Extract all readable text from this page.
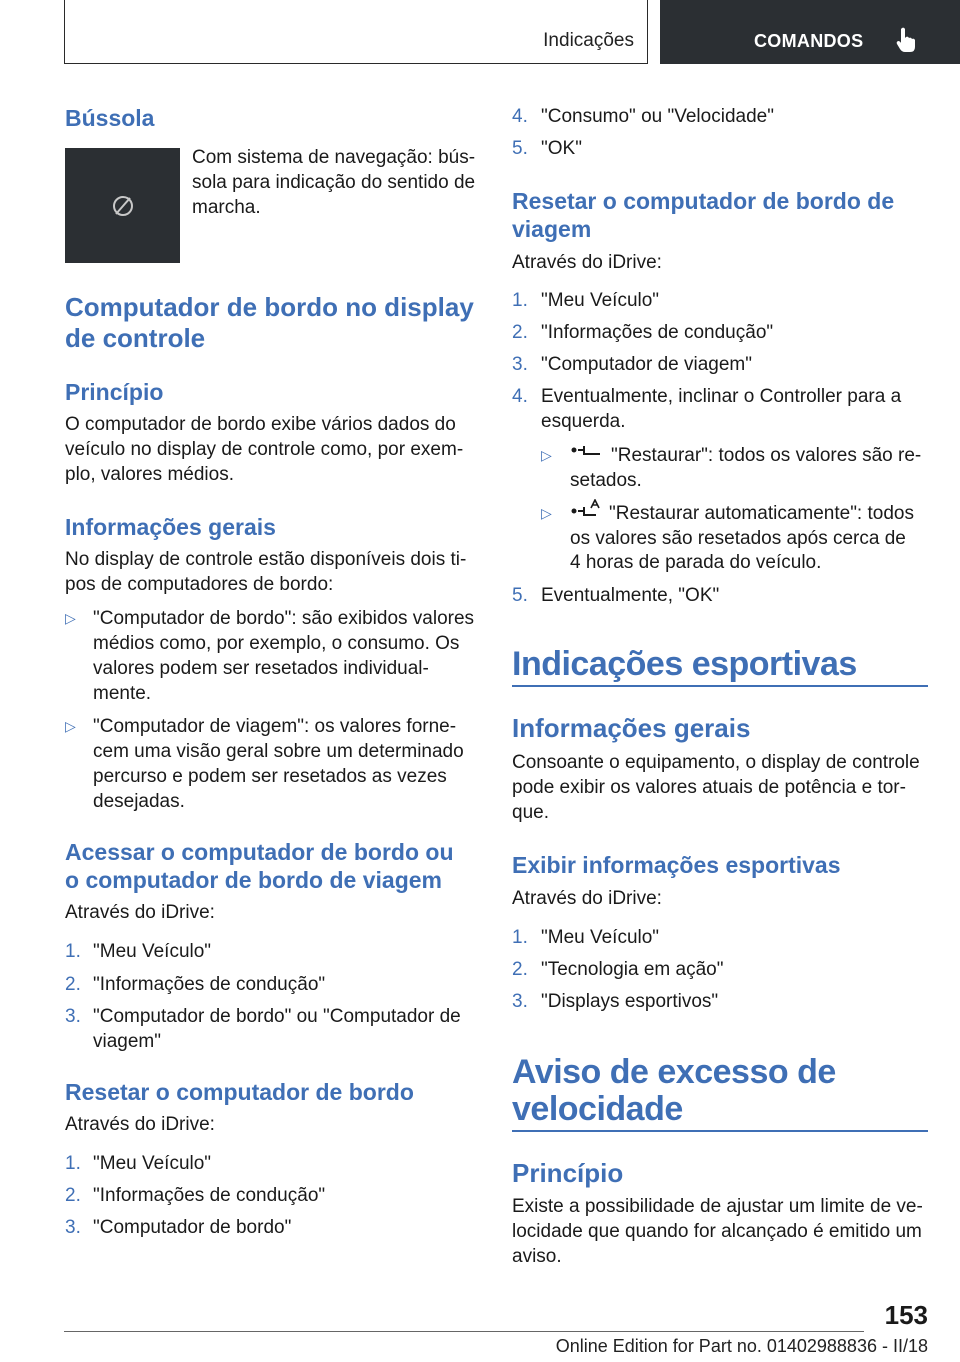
Indicações	COMANDOS
Bússola
Com sistema de navegação: bús-
sola para indicação do sentido de
marcha.
Computador de bordo no display
de controle
Princípio
O computador de bordo exibe vários dados do
veículo no display de controle como, por exem-
plo, valores médios.
Informações gerais
No display de controle estão disponíveis dois ti-
pos de computadores de bordo:
▷ "Computador de bordo": são exibidos valores
médios como, por exemplo, o consumo. Os
valores podem ser resetados individual-
mente.
▷ "Computador de viagem": os valores forne-
cem uma visão geral sobre um determinado
percurso e podem ser resetados as vezes
desejadas.
Acessar o computador de bordo ou
o computador de bordo de viagem
Através do iDrive:
1. "Meu Veículo"
2. "Informações de condução"
3. "Computador de bordo" ou "Computador de
viagem"
Resetar o computador de bordo
Através do iDrive:
1. "Meu Veículo"
2. "Informações de condução"
3. "Computador de bordo"
4. "Consumo" ou "Velocidade"
5. "OK"
Resetar o computador de bordo de
viagem
Através do iDrive:
1. "Meu Veículo"
2. "Informações de condução"
3. "Computador de viagem"
4. Eventualmente, inclinar o Controller para a
esquerda.
▷	"Restaurar": todos os valores são re-
setados.
▷	"Restaurar automaticamente": todos
os valores são resetados após cerca de
4 horas de parada do veículo.
5. Eventualmente, "OK"
Indicações esportivas
Informações gerais
Consoante o equipamento, o display de controle
pode exibir os valores atuais de potência e tor-
que.
Exibir informações esportivas
Através do iDrive:
1. "Meu Veículo"
2. "Tecnologia em ação"
3. "Displays esportivos"
Aviso de excesso de
velocidade
Princípio
Existe a possibilidade de ajustar um limite de ve-
locidade que quando for alcançado é emitido um
aviso.
153
Online Edition for Part no. 01402988836 - II/18
